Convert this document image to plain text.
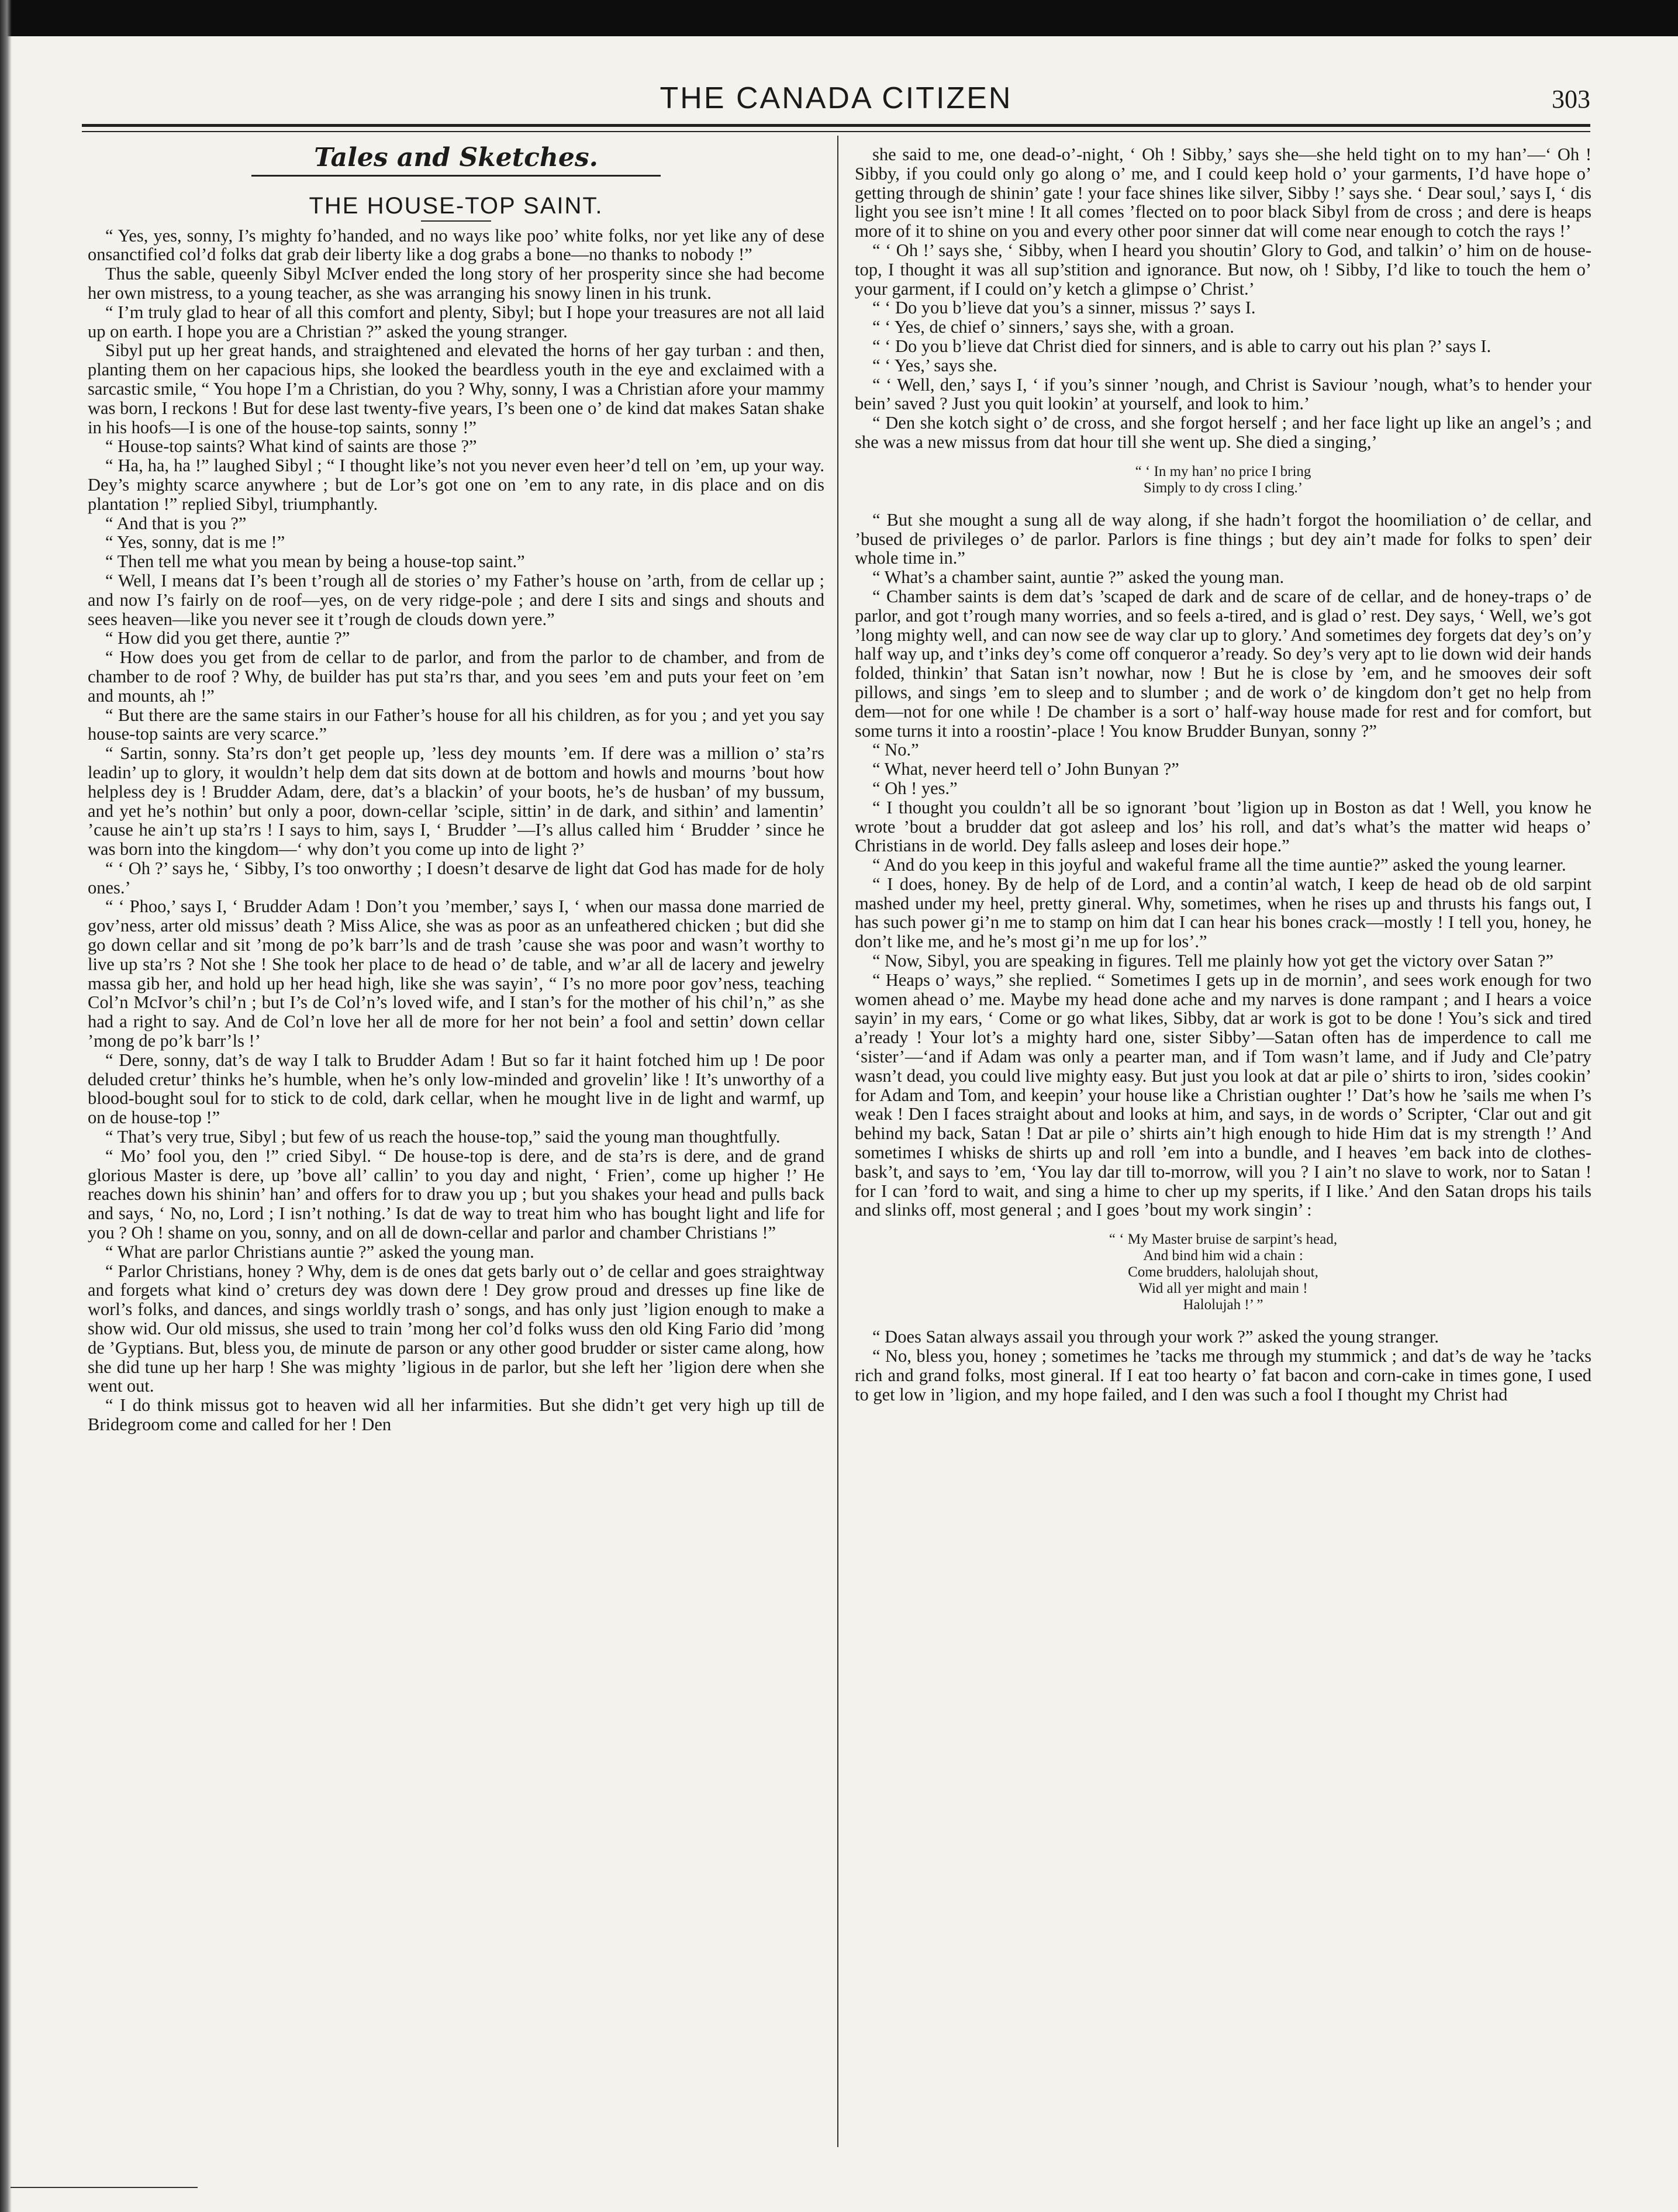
THE CANADA CITIZEN	303
Tales and Sketches.
THE HOUSE-TOP SAINT.

“ Yes, yes, sonny, I’s mighty fo’handed, and no ways like poo’ white folks, nor yet like any of dese onsanctified col’d folks dat grab deir liberty like a dog grabs a bone—no thanks to nobody !”

Thus the sable, queenly Sibyl McIver ended the long story of her prosperity since she had become her own mistress, to a young teacher, as she was arranging his snowy linen in his trunk.

“ I’m truly glad to hear of all this comfort and plenty, Sibyl; but I hope your treasures are not all laid up on earth. I hope you are a Christian ?” asked the young stranger.

Sibyl put up her great hands, and straightened and elevated the horns of her gay turban : and then, planting them on her capacious hips, she looked the beardless youth in the eye and exclaimed with a sarcastic smile, “ You hope I’m a Christian, do you ? Why, sonny, I was a Christian afore your mammy was born, I reckons ! But for dese last twenty-five years, I’s been one o’ de kind dat makes Satan shake in his hoofs—I is one of the house-top saints, sonny !”

“ House-top saints? What kind of saints are those ?”

“ Ha, ha, ha !” laughed Sibyl ; “ I thought like’s not you never even heer’d tell on ’em, up your way. Dey’s mighty scarce anywhere ; but de Lor’s got one on ’em to any rate, in dis place and on dis plantation !” replied Sibyl, triumphantly.

“ And that is you ?”

“ Yes, sonny, dat is me !”

“ Then tell me what you mean by being a house-top saint.”

“ Well, I means dat I’s been t’rough all de stories o’ my Father’s house on ’arth, from de cellar up ; and now I’s fairly on de roof—yes, on de very ridge-pole ; and dere I sits and sings and shouts and sees heaven—like you never see it t’rough de clouds down yere.”

“ How did you get there, auntie ?”

“ How does you get from de cellar to de parlor, and from the parlor to de chamber, and from de chamber to de roof ? Why, de builder has put sta’rs thar, and you sees ’em and puts your feet on ’em and mounts, ah !”

“ But there are the same stairs in our Father’s house for all his children, as for you ; and yet you say house-top saints are very scarce.”

“ Sartin, sonny. Sta’rs don’t get people up, ’less dey mounts ’em. If dere was a million o’ sta’rs leadin’ up to glory, it wouldn’t help dem dat sits down at de bottom and howls and mourns ’bout how helpless dey is ! Brudder Adam, dere, dat’s a blackin’ of your boots, he’s de husban’ of my bussum, and yet he’s nothin’ but only a poor, down-cellar ’sciple, sittin’ in de dark, and sithin’ and lamentin’ ’cause he ain’t up sta’rs ! I says to him, says I, ‘ Brudder ’—I’s allus called him ‘ Brudder ’ since he was born into the kingdom—‘ why don’t you come up into de light ?’

“ ‘ Oh ?’ says he, ‘ Sibby, I’s too onworthy ; I doesn’t desarve de light dat God has made for de holy ones.’

“ ‘ Phoo,’ says I, ‘ Brudder Adam ! Don’t you ’member,’ says I, ‘ when our massa done married de gov’ness, arter old missus’ death ? Miss Alice, she was as poor as an unfeathered chicken ; but did she go down cellar and sit ’mong de po’k barr’ls and de trash ’cause she was poor and wasn’t worthy to live up sta’rs ? Not she ! She took her place to de head o’ de table, and w’ar all de lacery and jewelry massa gib her, and hold up her head high, like she was sayin’, “ I’s no more poor gov’ness, teaching Col’n McIvor’s chil’n ; but I’s de Col’n’s loved wife, and I stan’s for the mother of his chil’n,” as she had a right to say. And de Col’n love her all de more for her not bein’ a fool and settin’ down cellar ’mong de po’k barr’ls !’

“ Dere, sonny, dat’s de way I talk to Brudder Adam ! But so far it haint fotched him up ! De poor deluded cretur’ thinks he’s humble, when he’s only low-minded and grovelin’ like ! It’s unworthy of a blood-bought soul for to stick to de cold, dark cellar, when he mought live in de light and warmf, up on de house-top !”

“ That’s very true, Sibyl ; but few of us reach the house-top,” said the young man thoughtfully.

“ Mo’ fool you, den !” cried Sibyl. “ De house-top is dere, and de sta’rs is dere, and de grand glorious Master is dere, up ’bove all’ callin’ to you day and night, ‘ Frien’, come up higher !’ He reaches down his shinin’ han’ and offers for to draw you up ; but you shakes your head and pulls back and says, ‘ No, no, Lord ; I isn’t nothing.’ Is dat de way to treat him who has bought light and life for you ? Oh ! shame on you, sonny, and on all de down-cellar and parlor and chamber Christians !”

“ What are parlor Christians auntie ?” asked the young man.

“ Parlor Christians, honey ? Why, dem is de ones dat gets barly out o’ de cellar and goes straightway and forgets what kind o’ creturs dey was down dere ! Dey grow proud and dresses up fine like de worl’s folks, and dances, and sings worldly trash o’ songs, and has only just ’ligion enough to make a show wid. Our old missus, she used to train ’mong her col’d folks wuss den old King Fario did ’mong de ’Gyptians. But, bless you, de minute de parson or any other good brudder or sister came along, how she did tune up her harp ! She was mighty ’ligious in de parlor, but she left her ’ligion dere when she went out.

“ I do think missus got to heaven wid all her infarmities. But she didn’t get very high up till de Bridegroom come and called for her ! Den

she said to me, one dead-o’-night, ‘ Oh ! Sibby,’ says she—she held tight on to my han’—‘ Oh ! Sibby, if you could only go along o’ me, and I could keep hold o’ your garments, I’d have hope o’ getting through de shinin’ gate ! your face shines like silver, Sibby !’ says she. ‘ Dear soul,’ says I, ‘ dis light you see isn’t mine ! It all comes ’flected on to poor black Sibyl from de cross ; and dere is heaps more of it to shine on you and every other poor sinner dat will come near enough to cotch the rays !’

“ ‘ Oh !’ says she, ‘ Sibby, when I heard you shoutin’ Glory to God, and talkin’ o’ him on de house-top, I thought it was all sup’stition and ignorance. But now, oh ! Sibby, I’d like to touch the hem o’ your garment, if I could on’y ketch a glimpse o’ Christ.’

“ ‘ Do you b’lieve dat you’s a sinner, missus ?’ says I.

“ ‘ Yes, de chief o’ sinners,’ says she, with a groan.

“ ‘ Do you b’lieve dat Christ died for sinners, and is able to carry out his plan ?’ says I.

“ ‘ Yes,’ says she.

“ ‘ Well, den,’ says I, ‘ if you’s sinner ’nough, and Christ is Saviour ’nough, what’s to hender your bein’ saved ? Just you quit lookin’ at yourself, and look to him.’

“ Den she kotch sight o’ de cross, and she forgot herself ; and her face light up like an angel’s ; and she was a new missus from dat hour till she went up. She died a singing,’

“ ‘ In my han’ no price I bring
Simply to dy cross I cling.’

“ But she mought a sung all de way along, if she hadn’t forgot the hoomiliation o’ de cellar, and ’bused de privileges o’ de parlor. Parlors is fine things ; but dey ain’t made for folks to spen’ deir whole time in.”

“ What’s a chamber saint, auntie ?” asked the young man.

“ Chamber saints is dem dat’s ’scaped de dark and de scare of de cellar, and de honey-traps o’ de parlor, and got t’rough many worries, and so feels a-tired, and is glad o’ rest. Dey says, ‘ Well, we’s got ’long mighty well, and can now see de way clar up to glory.’ And sometimes dey forgets dat dey’s on’y half way up, and t’inks dey’s come off conqueror a’ready. So dey’s very apt to lie down wid deir hands folded, thinkin’ that Satan isn’t nowhar, now ! But he is close by ’em, and he smooves deir soft pillows, and sings ’em to sleep and to slumber ; and de work o’ de kingdom don’t get no help from dem—not for one while ! De chamber is a sort o’ half-way house made for rest and for comfort, but some turns it into a roostin’-place ! You know Brudder Bunyan, sonny ?”

“ No.”

“ What, never heerd tell o’ John Bunyan ?”

“ Oh ! yes.”

“ I thought you couldn’t all be so ignorant ’bout ’ligion up in Boston as dat ! Well, you know he wrote ’bout a brudder dat got asleep and los’ his roll, and dat’s what’s the matter wid heaps o’ Christians in de world. Dey falls asleep and loses deir hope.”

“ And do you keep in this joyful and wakeful frame all the time auntie?” asked the young learner.

“ I does, honey. By de help of de Lord, and a contin’al watch, I keep de head ob de old sarpint mashed under my heel, pretty gineral. Why, sometimes, when he rises up and thrusts his fangs out, I has such power gi’n me to stamp on him dat I can hear his bones crack—mostly ! I tell you, honey, he don’t like me, and he’s most gi’n me up for los’.”

“ Now, Sibyl, you are speaking in figures. Tell me plainly how yot get the victory over Satan ?”

“ Heaps o’ ways,” she replied. “ Sometimes I gets up in de mornin’, and sees work enough for two women ahead o’ me. Maybe my head done ache and my narves is done rampant ; and I hears a voice sayin’ in my ears, ‘ Come or go what likes, Sibby, dat ar work is got to be done ! You’s sick and tired a’ready ! Your lot’s a mighty hard one, sister Sibby’—Satan often has de imperdence to call me ‘sister’—‘and if Adam was only a pearter man, and if Tom wasn’t lame, and if Judy and Cle’patry wasn’t dead, you could live mighty easy. But just you look at dat ar pile o’ shirts to iron, ’sides cookin’ for Adam and Tom, and keepin’ your house like a Christian oughter !’ Dat’s how he ’sails me when I’s weak ! Den I faces straight about and looks at him, and says, in de words o’ Scripter, ‘Clar out and git behind my back, Satan ! Dat ar pile o’ shirts ain’t high enough to hide Him dat is my strength !’ And sometimes I whisks de shirts up and roll ’em into a bundle, and I heaves ’em back into de clothes-bask’t, and says to ’em, ‘You lay dar till to-morrow, will you ? I ain’t no slave to work, nor to Satan ! for I can ’ford to wait, and sing a hime to cher up my sperits, if I like.’ And den Satan drops his tails and slinks off, most general ; and I goes ’bout my work singin’ :

“ ‘ My Master bruise de sarpint’s head,
And bind him wid a chain :
Come brudders, halolujah shout,
Wid all yer might and main !
Halolujah !’ ”

“ Does Satan always assail you through your work ?” asked the young stranger.

“ No, bless you, honey ; sometimes he ’tacks me through my stummick ; and dat’s de way he ’tacks rich and grand folks, most gineral. If I eat too hearty o’ fat bacon and corn-cake in times gone, I used to get low in ’ligion, and my hope failed, and I den was such a fool I thought my Christ had
